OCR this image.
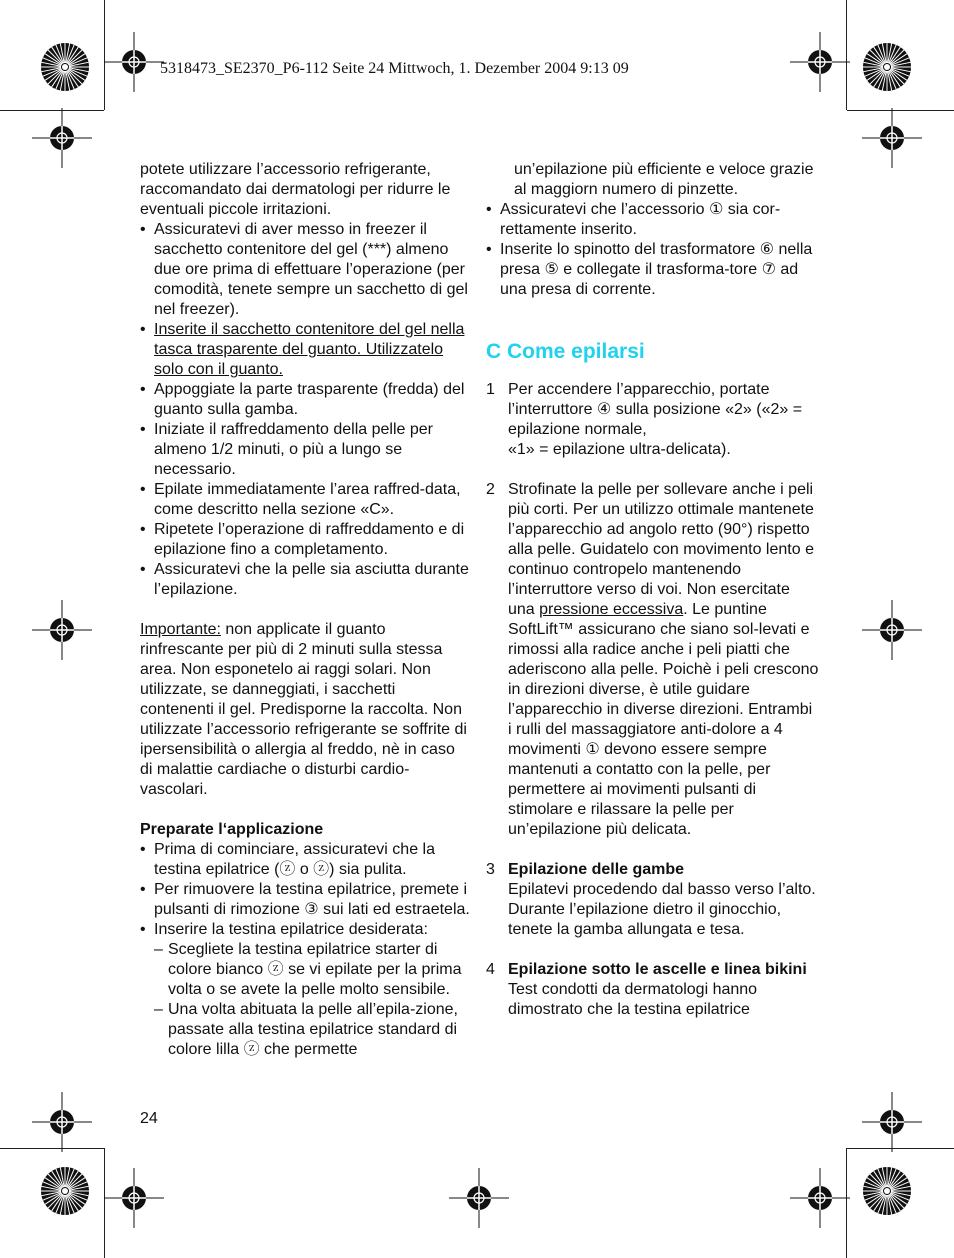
5318473_SE2370_P6-112 Seite 24 Mittwoch, 1. Dezember 2004 9:13 09

potete utilizzare l’accessorio refrigerante, raccomandato dai dermatologi per ridurre le eventuali piccole irritazioni.

• Assicuratevi di aver messo in freezer il sacchetto contenitore del gel (***) almeno due ore prima di effettuare l’operazione (per comodità, tenete sempre un sacchetto di gel nel freezer).
• Inserite il sacchetto contenitore del gel nella tasca trasparente del guanto. Utilizzatelo solo con il guanto.
• Appoggiate la parte trasparente (fredda) del guanto sulla gamba.
• Iniziate il raffreddamento della pelle per almeno 1/2 minuti, o più a lungo se necessario.
• Epilate immediatamente l’area raffred-data, come descritto nella sezione «C».
• Ripetete l’operazione di raffreddamento e di epilazione fino a completamento.
• Assicuratevi che la pelle sia asciutta durante l’epilazione.

Importante: non applicate il guanto rinfrescante per più di 2 minuti sulla stessa area. Non esponetelo ai raggi solari. Non utilizzate, se danneggiati, i sacchetti contenenti il gel. Predisporne la raccolta. Non utilizzate l’accessorio refrigerante se soffrite di ipersensibilità o allergia al freddo, nè in caso di malattie cardiache o disturbi cardio-vascolari.

Preparate l‘applicazione

• Prima di cominciare, assicuratevi che la testina epilatrice (ⓩ o ⓩ) sia pulita.
• Per rimuovere la testina epilatrice, premete i pulsanti di rimozione ③ sui lati ed estraetela.
• Inserire la testina epilatrice desiderata:
– Scegliete la testina epilatrice starter di colore bianco ⓩ se vi epilate per la prima volta o se avete la pelle molto sensibile.
– Una volta abituata la pelle all’epila-zione, passate alla testina epilatrice standard di colore lilla ⓩ che permette

un’epilazione più efficiente e veloce grazie al maggiorn numero di pinzette.

• Assicuratevi che l’accessorio ① sia cor-rettamente inserito.
• Inserite lo spinotto del trasformatore ⑥ nella presa ⑤ e collegate il trasforma-tore ⑦ ad una presa di corrente.
C Come epilarsi
1 Per accendere l’apparecchio, portate l’interruttore ④ sulla posizione «2» («2» = epilazione normale,
«1» = epilazione ultra-delicata).
2 Strofinate la pelle per sollevare anche i peli più corti. Per un utilizzo ottimale mantenete l’apparecchio ad angolo retto (90°) rispetto alla pelle. Guidatelo con movimento lento e continuo contropelo mantenendo l’interruttore verso di voi. Non esercitate una pressione eccessiva. Le puntine SoftLift™ assicurano che siano sol-levati e rimossi alla radice anche i peli piatti che aderiscono alla pelle. Poichè i peli crescono in direzioni diverse, è utile guidare l’apparecchio in diverse direzioni. Entrambi i rulli del massaggiatore anti-dolore a 4 movimenti ① devono essere sempre mantenuti a contatto con la pelle, per permettere ai movimenti pulsanti di stimolare e rilassare la pelle per un’epilazione più delicata.
3 Epilazione delle gambe
Epilatevi procedendo dal basso verso l’alto. Durante l’epilazione dietro il ginocchio, tenete la gamba allungata e tesa.
4 Epilazione sotto le ascelle e linea bikini
Test condotti da dermatologi hanno dimostrato che la testina epilatrice
24
